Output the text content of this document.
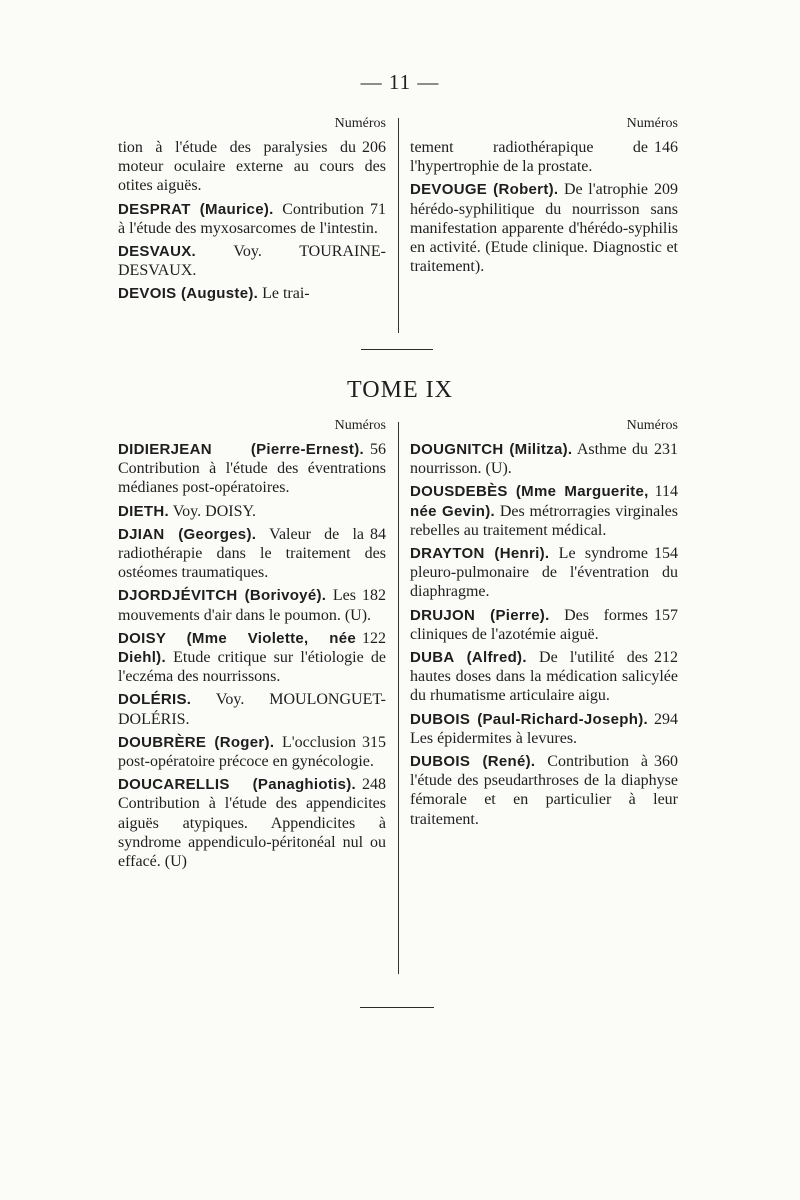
— 11 —
Numéros
206
tion à l'étude des paralysies du moteur oculaire externe au cours des otites aiguës.
71
DESPRAT (Maurice). Contribution à l'étude des myxosarcomes de l'intestin.
DESVAUX. Voy. TOURAINE-DESVAUX.
DEVOIS (Auguste). Le trai-
Numéros
146
tement radiothérapique de l'hypertrophie de la prostate.
209
DEVOUGE (Robert). De l'atrophie hérédo-syphilitique du nourrisson sans manifestation apparente d'hérédo-syphilis en activité. (Etude clinique. Diagnostic et traitement).
TOME IX
Numéros
56
DIDIERJEAN (Pierre-Ernest). Contribution à l'étude des éventrations médianes post-opératoires.
DIETH. Voy. DOISY.
84
DJIAN (Georges). Valeur de la radiothérapie dans le traitement des ostéomes traumatiques.
182
DJORDJÉVITCH (Borivoyé). Les mouvements d'air dans le poumon. (U).
122
DOISY (Mme Violette, née Diehl). Etude critique sur l'étiologie de l'eczéma des nourrissons.
DOLÉRIS. Voy. MOULONGUET-DOLÉRIS.
315
DOUBRÈRE (Roger). L'occlusion post-opératoire précoce en gynécologie.
248
DOUCARELLIS (Panaghiotis). Contribution à l'étude des appendicites aiguës atypiques. Appendicites à syndrome appendiculo-péritonéal nul ou effacé. (U)
Numéros
231
DOUGNITCH (Militza). Asthme du nourrisson. (U).
114
DOUSDEBÈS (Mme Marguerite, née Gevin). Des métrorragies virginales rebelles au traitement médical.
154
DRAYTON (Henri). Le syndrome pleuro-pulmonaire de l'éventration du diaphragme.
157
DRUJON (Pierre). Des formes cliniques de l'azotémie aiguë.
212
DUBA (Alfred). De l'utilité des hautes doses dans la médication salicylée du rhumatisme articulaire aigu.
294
DUBOIS (Paul-Richard-Joseph). Les épidermites à levures.
360
DUBOIS (René). Contribution à l'étude des pseudarthroses de la diaphyse fémorale et en particulier à leur traitement.
